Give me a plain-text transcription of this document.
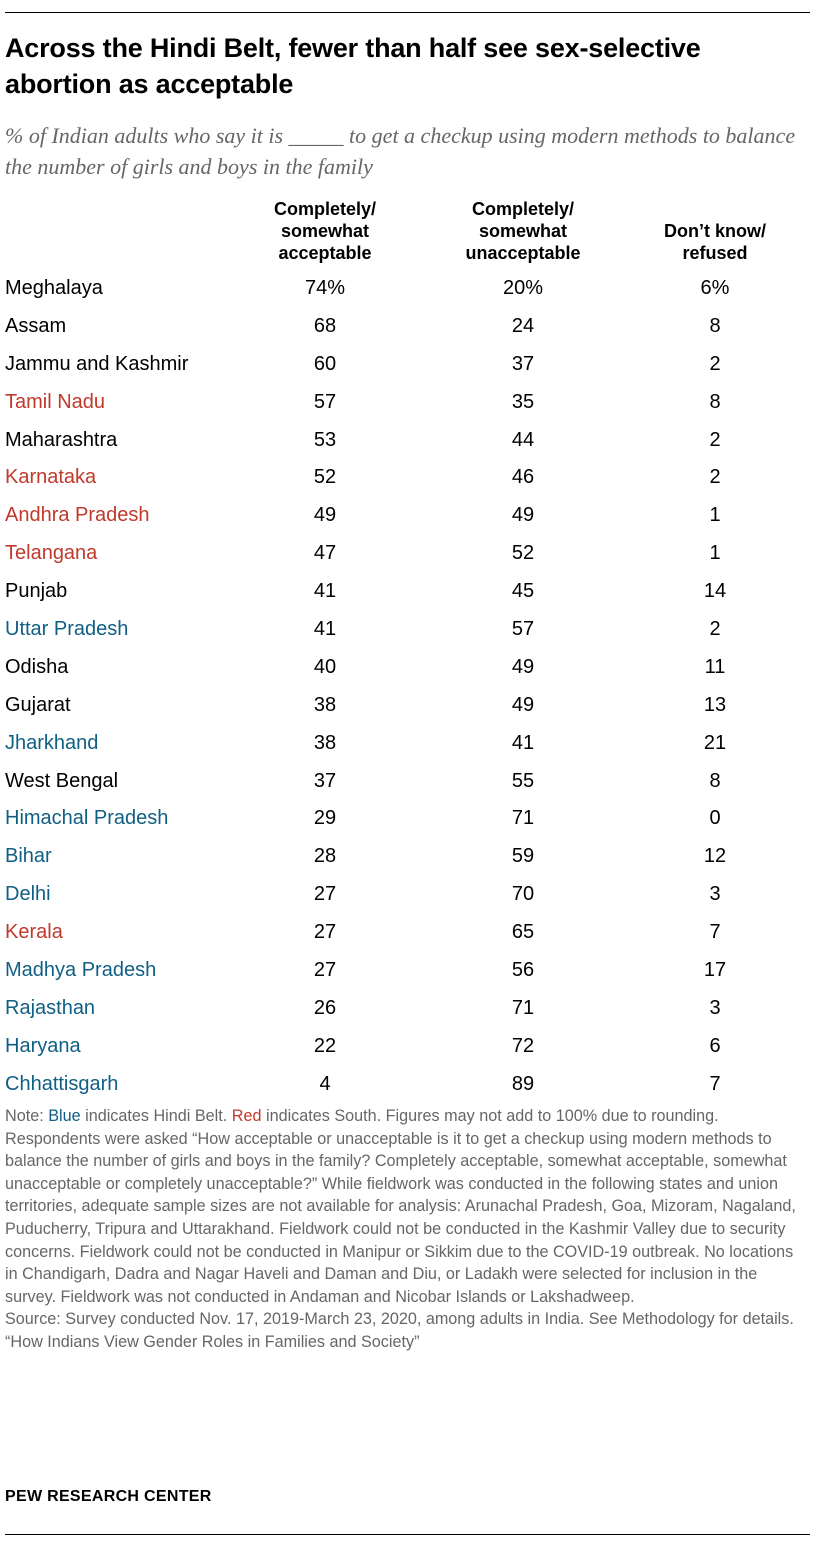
Across the Hindi Belt, fewer than half see sex-selective abortion as acceptable

% of Indian adults who say it is _____ to get a checkup using modern methods to balance the number of girls and boys in the family

Completely/
somewhat
acceptable
Completely/
somewhat
unacceptable
Don’t know/
refused
Meghalaya	74%	20%	6%
Assam	68	24	8
Jammu and Kashmir	60	37	2
Tamil Nadu	57	35	8
Maharashtra	53	44	2
Karnataka	52	46	2
Andhra Pradesh	49	49	1
Telangana	47	52	1
Punjab	41	45	14
Uttar Pradesh	41	57	2
Odisha	40	49	11
Gujarat	38	49	13
Jharkhand	38	41	21
West Bengal	37	55	8
Himachal Pradesh	29	71	0
Bihar	28	59	12
Delhi	27	70	3
Kerala	27	65	7
Madhya Pradesh	27	56	17
Rajasthan	26	71	3
Haryana	22	72	6
Chhattisgarh	4	89	7

Note: Blue indicates Hindi Belt. Red indicates South. Figures may not add to 100% due to rounding. Respondents were asked “How acceptable or unacceptable is it to get a checkup using modern methods to balance the number of girls and boys in the family? Completely acceptable, somewhat acceptable, somewhat unacceptable or completely unacceptable?” While fieldwork was conducted in the following states and union territories, adequate sample sizes are not available for analysis: Arunachal Pradesh, Goa, Mizoram, Nagaland, Puducherry, Tripura and Uttarakhand. Fieldwork could not be conducted in the Kashmir Valley due to security concerns. Fieldwork could not be conducted in Manipur or Sikkim due to the COVID-19 outbreak. No locations in Chandigarh, Dadra and Nagar Haveli and Daman and Diu, or Ladakh were selected for inclusion in the survey. Fieldwork was not conducted in Andaman and Nicobar Islands or Lakshadweep.

Source: Survey conducted Nov. 17, 2019-March 23, 2020, among adults in India. See Methodology for details.

“How Indians View Gender Roles in Families and Society”

PEW RESEARCH CENTER
